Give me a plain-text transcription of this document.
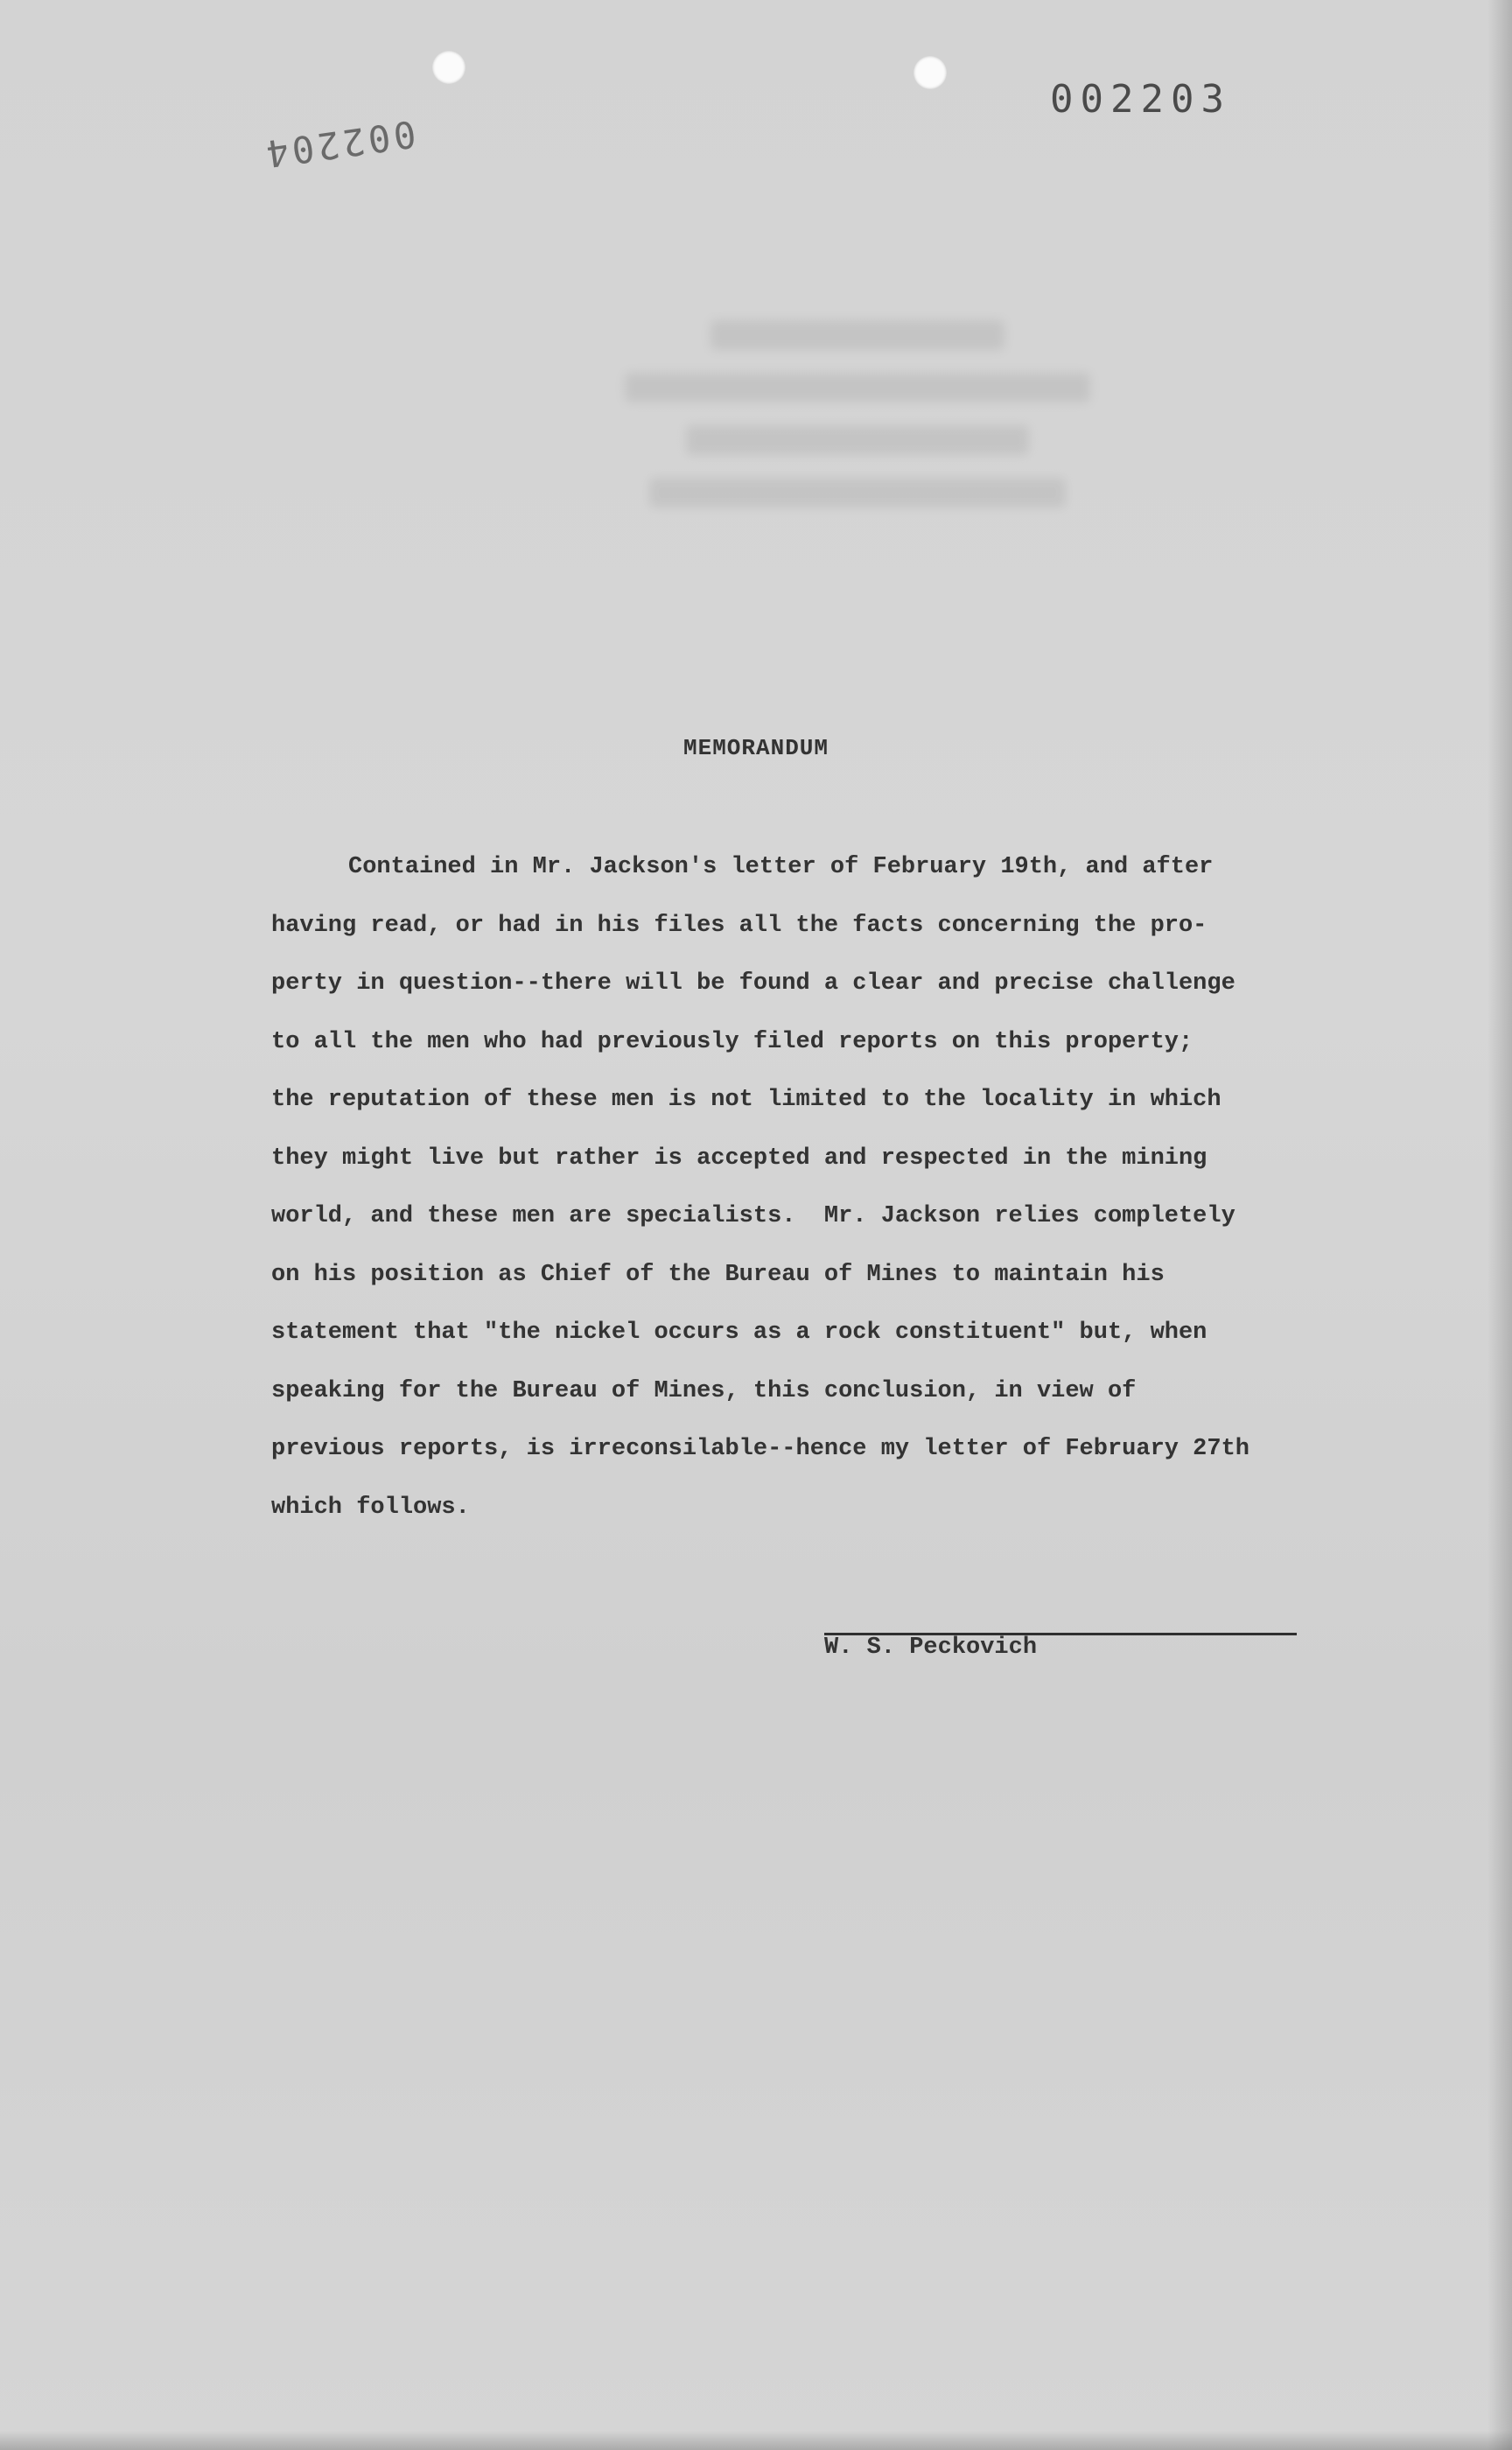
002203
002204
MEMORANDUM
Contained in Mr. Jackson's letter of February 19th, and after
having read, or had in his files all the facts concerning the pro-
perty in question--there will be found a clear and precise challenge
to all the men who had previously filed reports on this property;
the reputation of these men is not limited to the locality in which
they might live but rather is accepted and respected in the mining
world, and these men are specialists.  Mr. Jackson relies completely
on his position as Chief of the Bureau of Mines to maintain his
statement that "the nickel occurs as a rock constituent" but, when
speaking for the Bureau of Mines, this conclusion, in view of
previous reports, is irreconsilable--hence my letter of February 27th
which follows.
W. S. Peckovich
